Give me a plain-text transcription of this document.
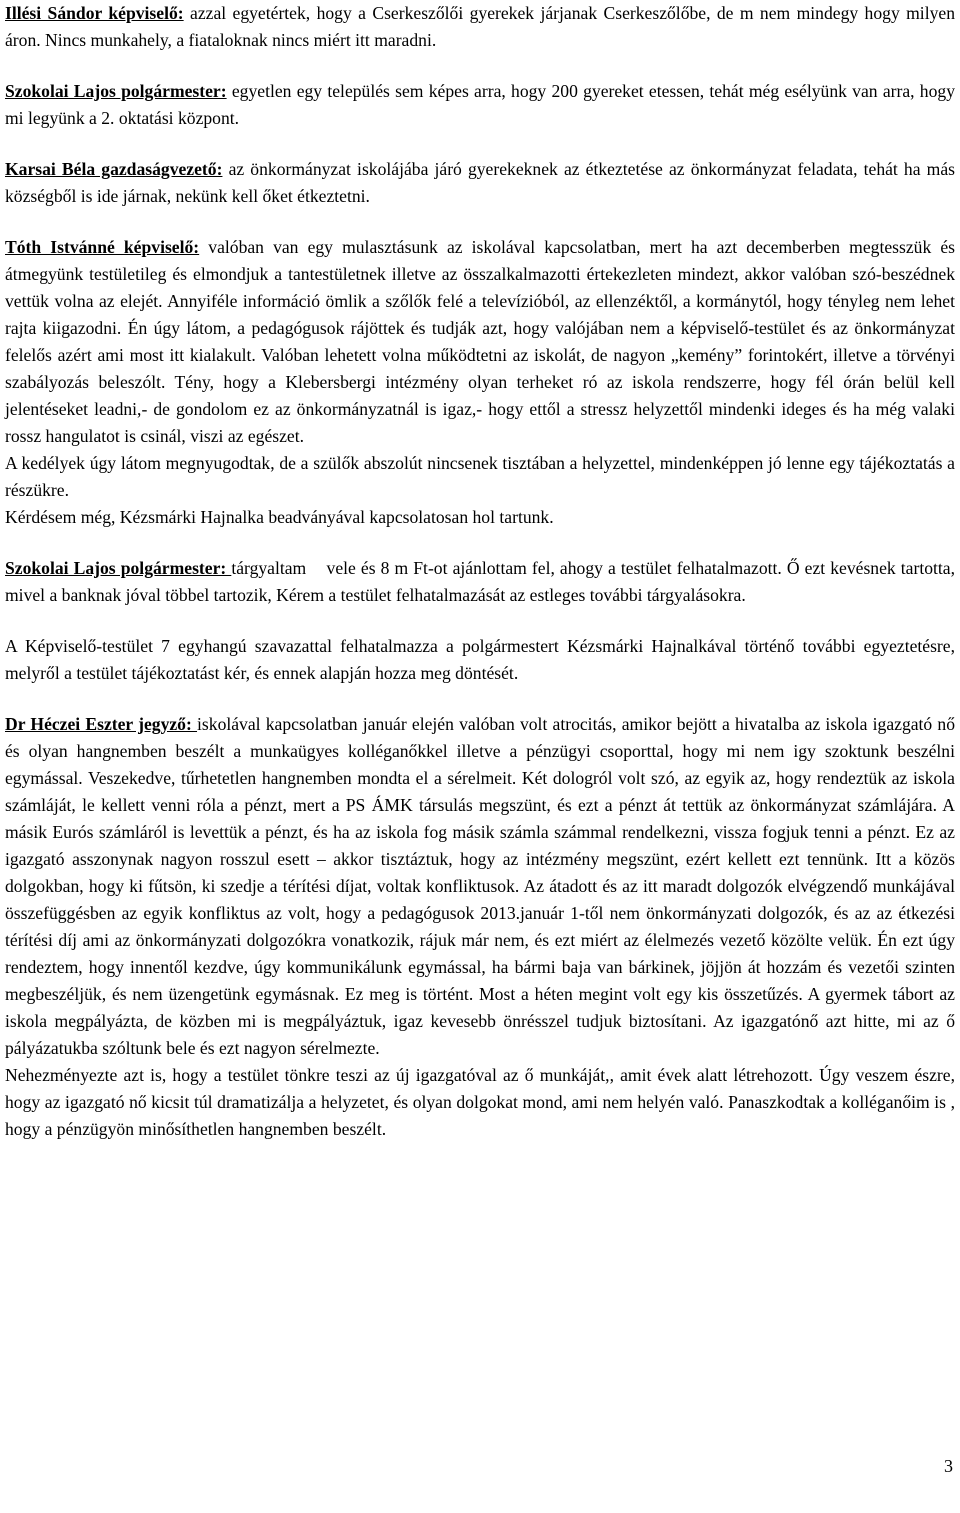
Illési Sándor képviselő: azzal egyetértek, hogy a Cserkeszőlői gyerekek járjanak Cserkeszőlőbe, de m nem mindegy hogy milyen áron. Nincs munkahely, a fiataloknak nincs miért itt maradni.

Szokolai Lajos polgármester: egyetlen egy település sem képes arra, hogy 200 gyereket etessen, tehát még esélyünk van arra, hogy mi legyünk a 2. oktatási központ.

Karsai Béla gazdaságvezető: az önkormányzat iskolájába járó gyerekeknek az étkeztetése az önkormányzat feladata, tehát ha más községből is ide járnak, nekünk kell őket étkeztetni.

Tóth Istvánné képviselő: valóban van egy mulasztásunk az iskolával kapcsolatban, mert ha azt decemberben megtesszük és átmegyünk testületileg és elmondjuk a tantestületnek illetve az összalkalmazotti értekezleten mindezt, akkor valóban szó-beszédnek vettük volna az elejét. Annyiféle információ ömlik a szőlők felé a televízióból, az ellenzéktől, a kormánytól, hogy tényleg nem lehet rajta kiigazodni. Én úgy látom, a pedagógusok rájöttek és tudják azt, hogy valójában nem a képviselő-testület és az önkormányzat felelős azért ami most itt kialakult. Valóban lehetett volna működtetni az iskolát, de nagyon „kemény” forintokért, illetve a törvényi szabályozás beleszólt. Tény, hogy a Klebersbergi intézmény olyan terheket ró az iskola rendszerre, hogy fél órán belül kell jelentéseket leadni,- de gondolom ez az önkormányzatnál is igaz,- hogy ettől a stressz helyzettől mindenki ideges és ha még valaki rossz hangulatot is csinál, viszi az egészet.

A kedélyek úgy látom megnyugodtak, de a szülők abszolút nincsenek tisztában a helyzettel, mindenképpen jó lenne egy tájékoztatás a részükre.

Kérdésem még, Kézsmárki Hajnalka beadványával kapcsolatosan hol tartunk.

Szokolai Lajos polgármester: tárgyaltam    vele és 8 m Ft-ot ajánlottam fel, ahogy a testület felhatalmazott. Ő ezt kevésnek tartotta, mivel a banknak jóval többel tartozik, Kérem a testület felhatalmazását az estleges további tárgyalásokra.

A Képviselő-testület 7 egyhangú szavazattal felhatalmazza a polgármestert Kézsmárki Hajnalkával történő további egyeztetésre, melyről a testület tájékoztatást kér, és ennek alapján hozza meg döntését.

Dr Héczei Eszter jegyző: iskolával kapcsolatban január elején valóban volt atrocitás, amikor bejött a hivatalba az iskola igazgató nő és olyan hangnemben beszélt a munkaügyes kolléganőkkel illetve a pénzügyi csoporttal, hogy mi nem igy szoktunk beszélni egymással. Veszekedve, tűrhetetlen hangnemben mondta el a sérelmeit. Két dologról volt szó, az egyik az, hogy rendeztük az iskola számláját, le kellett venni róla a pénzt, mert a PS ÁMK társulás megszünt, és ezt a pénzt át tettük az önkormányzat számlájára. A másik Eurós számláról is levettük a pénzt, és ha az iskola fog másik számla számmal rendelkezni, vissza fogjuk tenni a pénzt. Ez az igazgató asszonynak nagyon rosszul esett – akkor tisztáztuk, hogy az intézmény megszünt, ezért kellett ezt tennünk. Itt a közös dolgokban, hogy ki fűtsön, ki szedje a térítési díjat, voltak konfliktusok. Az átadott és az itt maradt dolgozók elvégzendő munkájával összefüggésben az egyik konfliktus az volt, hogy a pedagógusok 2013.január 1-től nem önkormányzati dolgozók, és az az étkezési térítési díj ami az önkormányzati dolgozókra vonatkozik, rájuk már nem, és ezt miért az élelmezés vezető közölte velük. Én ezt úgy rendeztem, hogy innentől kezdve, úgy kommunikálunk egymással, ha bármi baja van bárkinek, jöjjön át hozzám és vezetői szinten megbeszéljük, és nem üzengetünk egymásnak. Ez meg is történt. Most a héten megint volt egy kis összetűzés. A gyermek tábort az iskola megpályázta, de közben mi is megpályáztuk, igaz kevesebb önrésszel tudjuk biztosítani. Az igazgatónő azt hitte, mi az ő pályázatukba szóltunk bele és ezt nagyon sérelmezte.

Nehezményezte azt is, hogy a testület tönkre teszi az új igazgatóval az ő munkáját,, amit évek alatt létrehozott. Úgy veszem észre, hogy az igazgató nő kicsit túl dramatizálja a helyzetet, és olyan dolgokat mond, ami nem helyén való. Panaszkodtak a kolléganőim is , hogy a pénzügyön minősíthetlen hangnemben beszélt.

3
